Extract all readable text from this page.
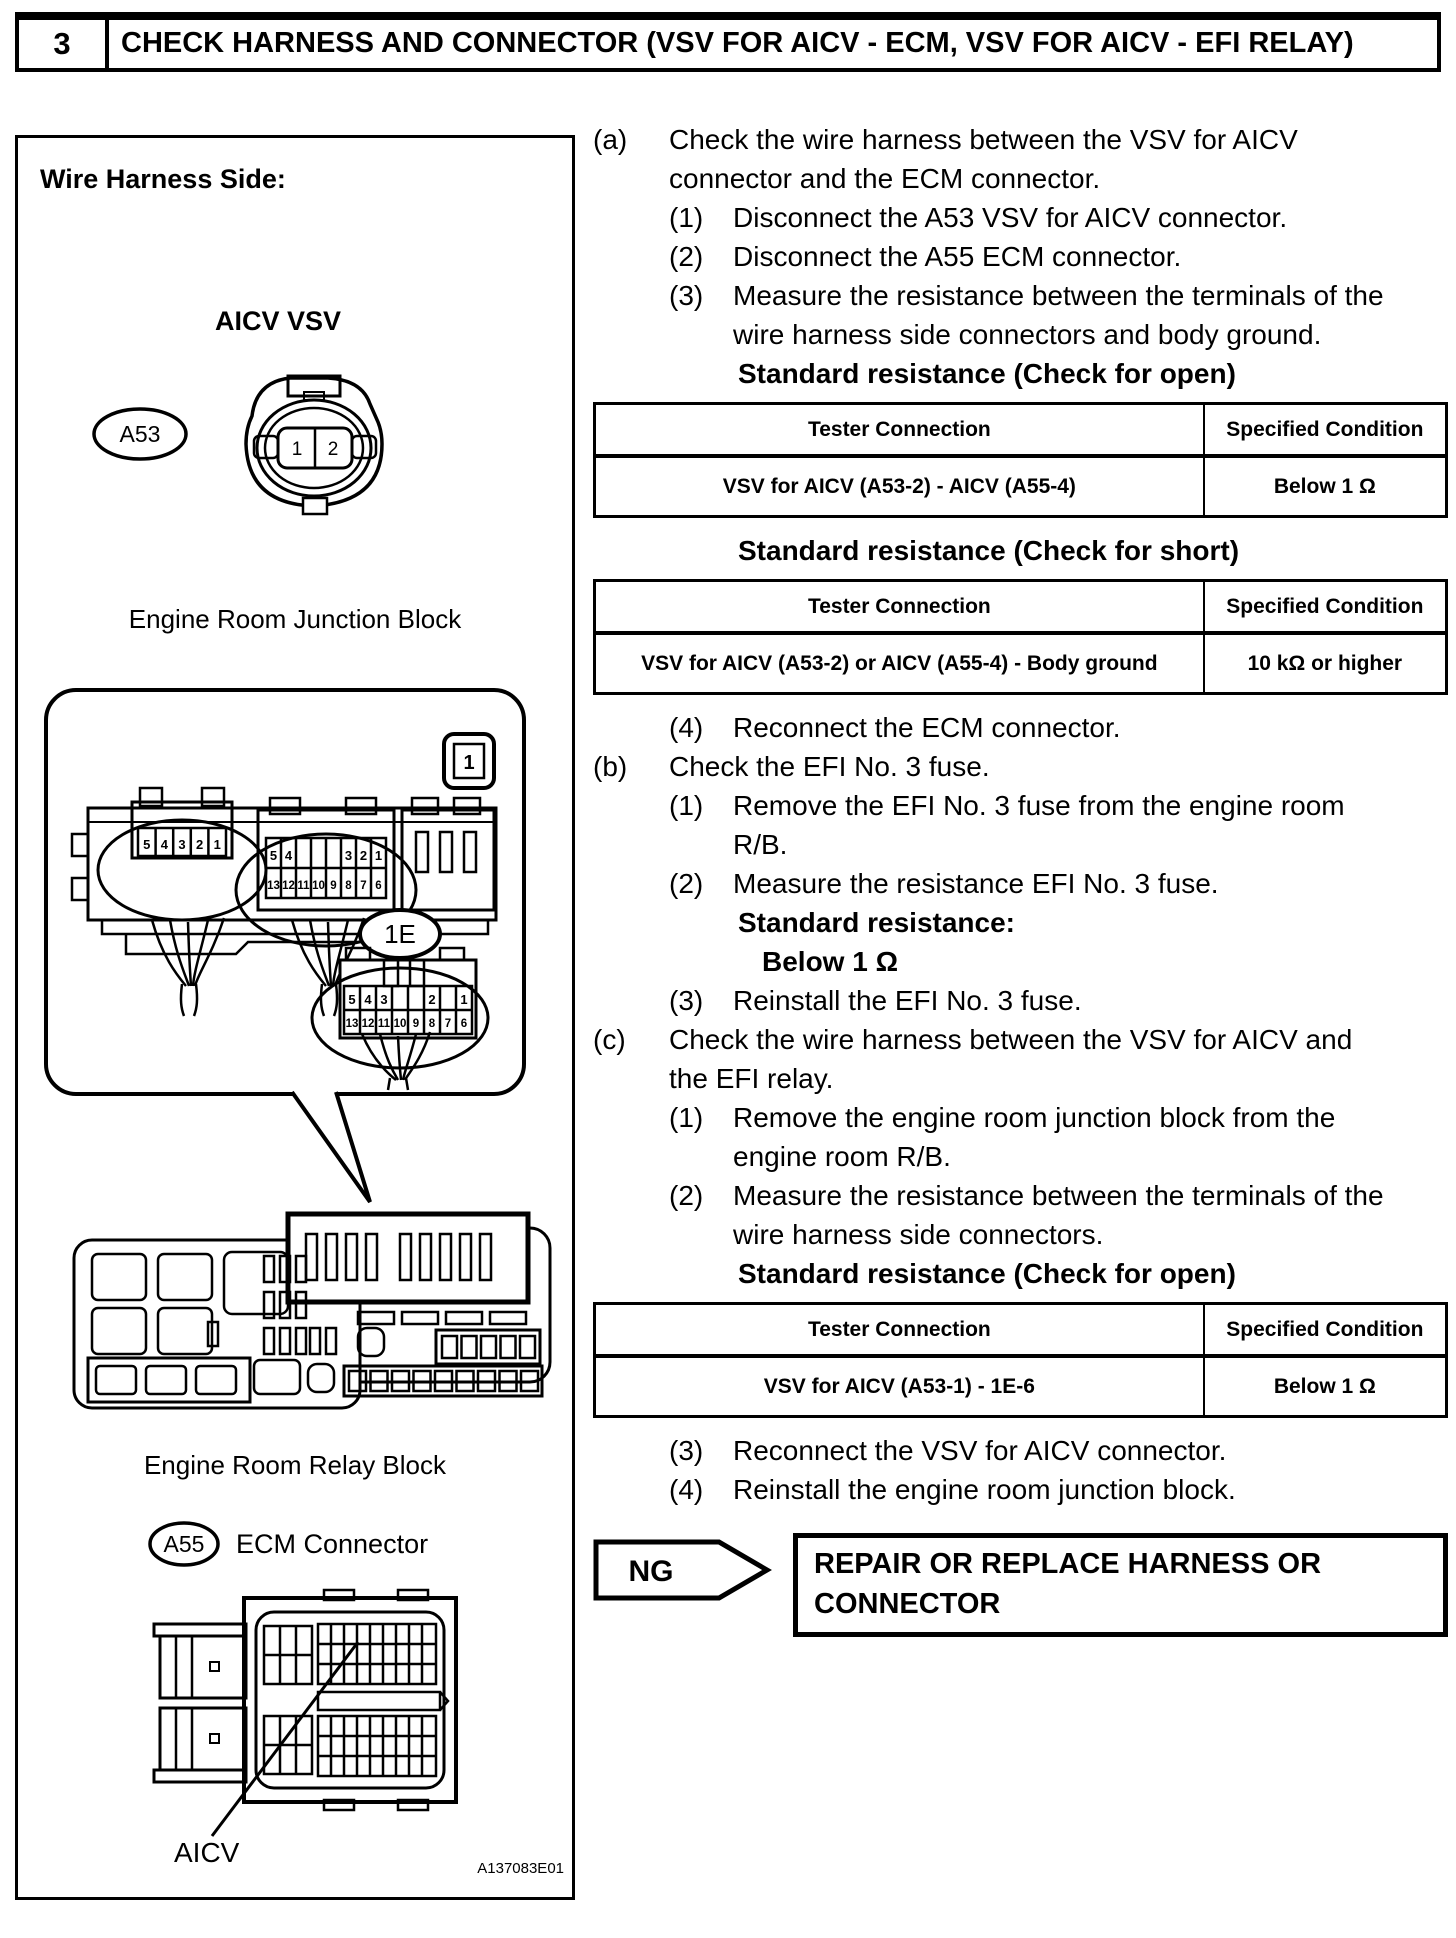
3	CHECK HARNESS AND CONNECTOR (VSV FOR AICV - ECM, VSV FOR AICV - EFI RELAY)
Wire Harness Side:
AICV VSV
A53
1 2
Engine Room Junction Block
5 4 3 2 1
5 4	3 2 1
5 4 3	2 1
13 12 11 10 9 8 7 6
13 12 11 10 9 8 7 6
1
1E
Engine Room Relay Block
A55 ECM Connector
AICV
A137083E01
(a)	Check the wire harness between the VSV for AICV connector and the ECM connector.
(1)	Disconnect the A53 VSV for AICV connector.
(2)	Disconnect the A55 ECM connector.
(3)	Measure the resistance between the terminals of the wire harness side connectors and body ground.
Standard resistance (Check for open)
Tester Connection	Specified Condition
VSV for AICV (A53-2) - AICV (A55-4)	Below 1 Ω
Standard resistance (Check for short)
Tester Connection	Specified Condition
VSV for AICV (A53-2) or AICV (A55-4) - Body ground	10 kΩ or higher
(4)	Reconnect the ECM connector.
(b)	Check the EFI No. 3 fuse.
(1)	Remove the EFI No. 3 fuse from the engine room R/B.
(2)	Measure the resistance EFI No. 3 fuse.
Standard resistance:
Below 1 Ω
(3)	Reinstall the EFI No. 3 fuse.
(c)	Check the wire harness between the VSV for AICV and the EFI relay.
(1)	Remove the engine room junction block from the engine room R/B.
(2)	Measure the resistance between the terminals of the wire harness side connectors.
Standard resistance (Check for open)
Tester Connection	Specified Condition
VSV for AICV (A53-1) - 1E-6	Below 1 Ω
(3)	Reconnect the VSV for AICV connector.
(4)	Reinstall the engine room junction block.
NG	REPAIR OR REPLACE HARNESS OR CONNECTOR
